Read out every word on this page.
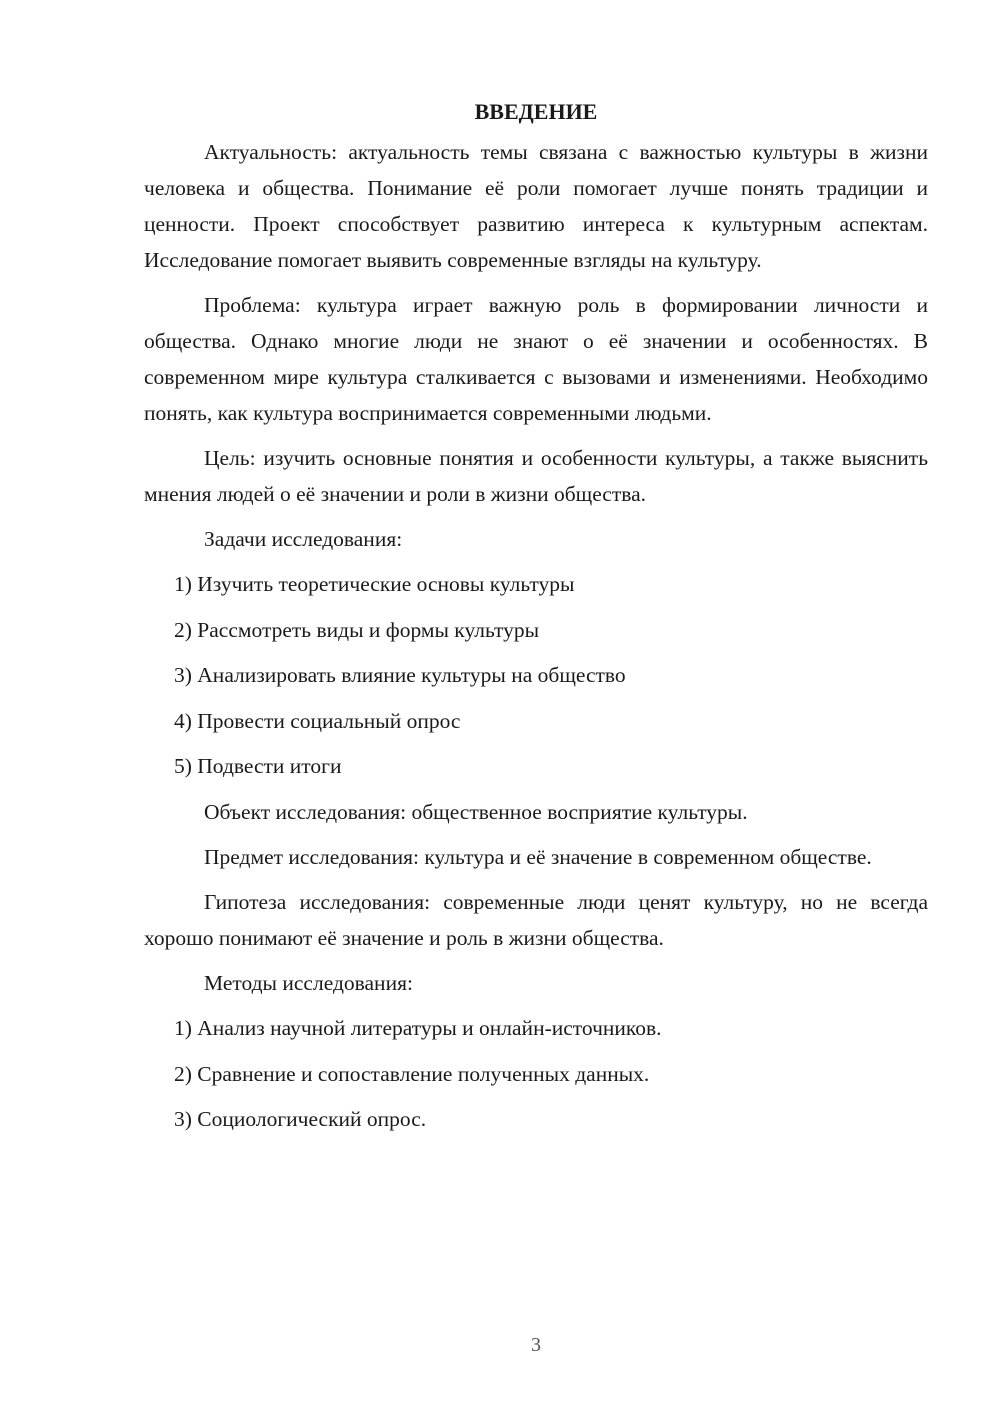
ВВЕДЕНИЕ

Актуальность: актуальность темы связана с важностью культуры в жизни человека и общества. Понимание её роли помогает лучше понять традиции и ценности. Проект способствует развитию интереса к культурным аспектам. Исследование помогает выявить современные взгляды на культуру.

Проблема: культура играет важную роль в формировании личности и общества. Однако многие люди не знают о её значении и особенностях. В современном мире культура сталкивается с вызовами и изменениями. Необходимо понять, как культура воспринимается современными людьми.

Цель: изучить основные понятия и особенности культуры, а также выяснить мнения людей о её значении и роли в жизни общества.

Задачи исследования:

1) Изучить теоретические основы культуры
2) Рассмотреть виды и формы культуры
3) Анализировать влияние культуры на общество
4) Провести социальный опрос
5) Подвести итоги

Объект исследования: общественное восприятие культуры.

Предмет исследования: культура и её значение в современном обществе.

Гипотеза исследования: современные люди ценят культуру, но не всегда хорошо понимают её значение и роль в жизни общества.

Методы исследования:

1) Анализ научной литературы и онлайн-источников.
2) Сравнение и сопоставление полученных данных.
3) Социологический опрос.
3
